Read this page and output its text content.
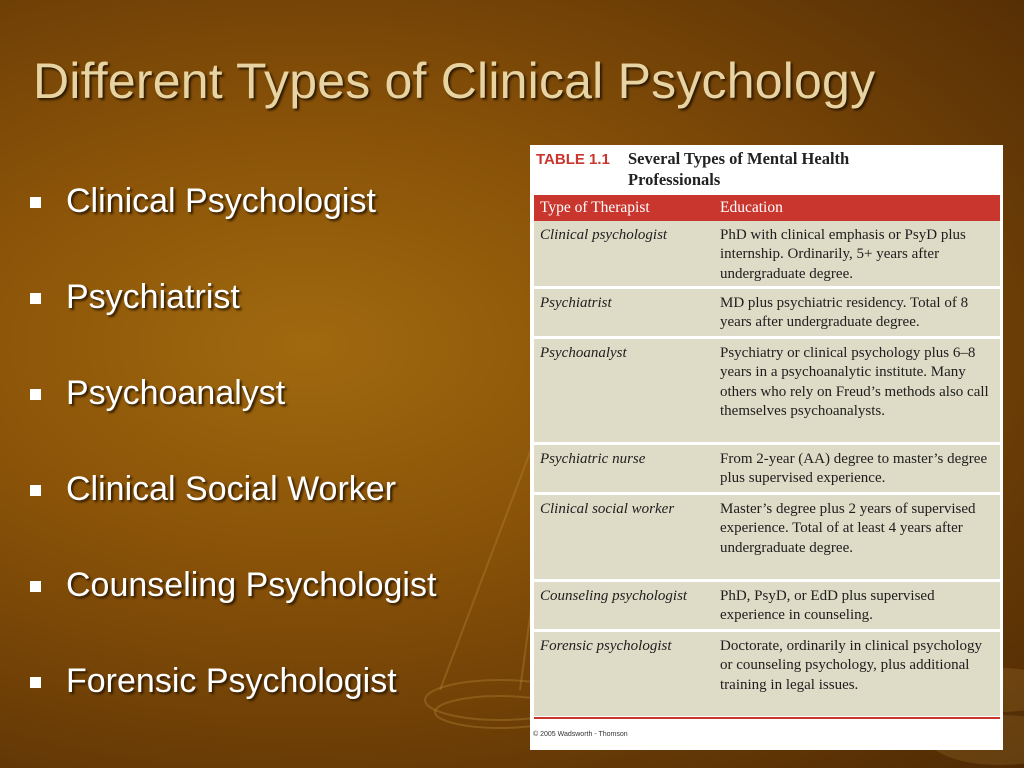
Different Types of Clinical Psychology
Clinical Psychologist
Psychiatrist
Psychoanalyst
Clinical Social Worker
Counseling Psychologist
Forensic Psychologist
TABLE 1.1	Several Types of Mental Health Professionals
Type of Therapist	Education
Clinical psychologist	PhD with clinical emphasis or PsyD plus internship. Ordinarily, 5+ years after undergraduate degree.
Psychiatrist	MD plus psychiatric residency. Total of 8 years after undergraduate degree.
Psychoanalyst	Psychiatry or clinical psychology plus 6–8 years in a psychoanalytic institute. Many others who rely on Freud’s methods also call themselves psychoanalysts.
Psychiatric nurse	From 2-year (AA) degree to master’s degree plus supervised experience.
Clinical social worker	Master’s degree plus 2 years of supervised experience. Total of at least 4 years after undergraduate degree.
Counseling psychologist	PhD, PsyD, or EdD plus supervised experience in counseling.
Forensic psychologist	Doctorate, ordinarily in clinical psychology or counseling psychology, plus additional training in legal issues.
© 2005 Wadsworth - Thomson
